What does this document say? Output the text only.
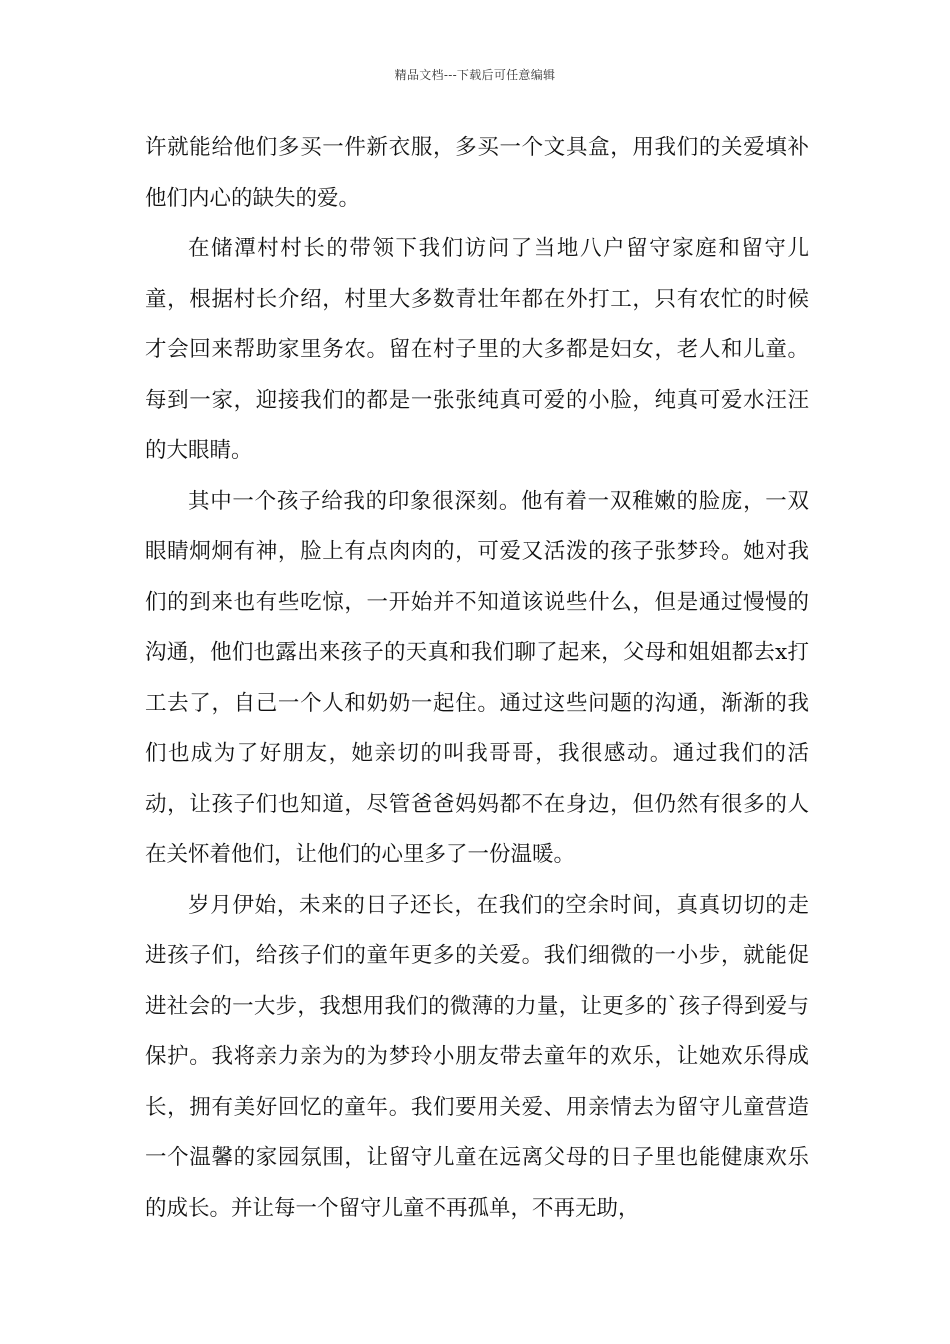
精品文档---下载后可任意编辑

许就能给他们多买一件新衣服，多买一个文具盒，用我们的关爱填补他们内心的缺失的爱。

在储潭村村长的带领下我们访问了当地八户留守家庭和留守儿童，根据村长介绍，村里大多数青壮年都在外打工，只有农忙的时候才会回来帮助家里务农。留在村子里的大多都是妇女，老人和儿童。每到一家，迎接我们的都是一张张纯真可爱的小脸，纯真可爱水汪汪的大眼睛。

其中一个孩子给我的印象很深刻。他有着一双稚嫩的脸庞，一双眼睛炯炯有神，脸上有点肉肉的，可爱又活泼的孩子张梦玲。她对我们的到来也有些吃惊，一开始并不知道该说些什么，但是通过慢慢的沟通，他们也露出来孩子的天真和我们聊了起来，父母和姐姐都去x打工去了，自己一个人和奶奶一起住。通过这些问题的沟通，渐渐的我们也成为了好朋友，她亲切的叫我哥哥，我很感动。通过我们的活动，让孩子们也知道，尽管爸爸妈妈都不在身边，但仍然有很多的人在关怀着他们，让他们的心里多了一份温暖。

岁月伊始，未来的日子还长，在我们的空余时间，真真切切的走进孩子们，给孩子们的童年更多的关爱。我们细微的一小步，就能促进社会的一大步，我想用我们的微薄的力量，让更多的`孩子得到爱与保护。我将亲力亲为的为梦玲小朋友带去童年的欢乐，让她欢乐得成长，拥有美好回忆的童年。我们要用关爱、用亲情去为留守儿童营造一个温馨的家园氛围，让留守儿童在远离父母的日子里也能健康欢乐的成长。并让每一个留守儿童不再孤单，不再无助，
